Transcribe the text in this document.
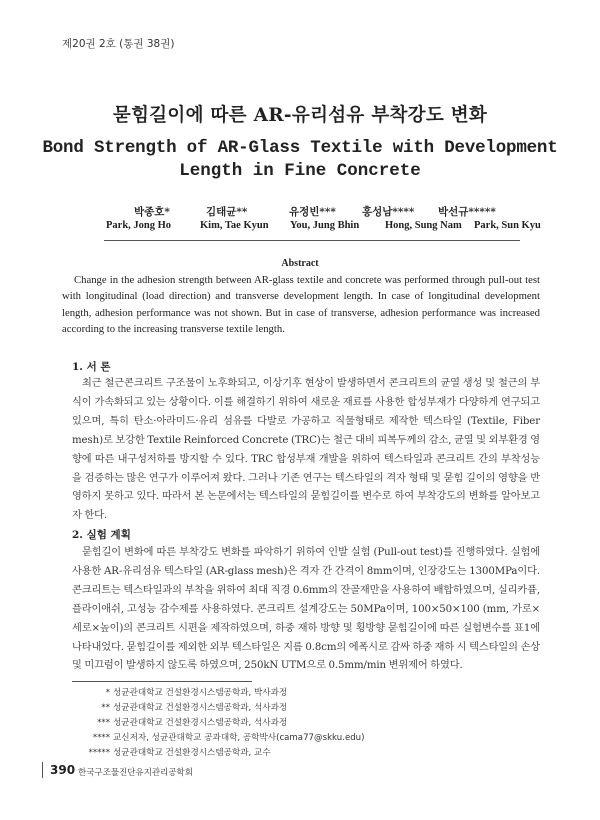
제20권 2호 (통권 38권)
묻힘길이에 따른 AR-유리섬유 부착강도 변화
Bond Strength of AR-Glass Textile with Development
Length in Fine Concrete
박종호*	김태균**	유정빈*** 홍성남**** 박선규*****
Park, Jong Ho	Kim, Tae Kyun You, Jung Bhin Hong, Sung Nam Park, Sun Kyu
Abstract
Change in the adhesion strength between AR-glass textile and concrete was performed through pull-out test with longitudinal (load direction) and transverse development length. In case of longitudinal development length, adhesion performance was not shown. But in case of transverse, adhesion performance was increased according to the increasing transverse textile length.
1. 서 론
최근 철근콘크리트 구조물이 노후화되고, 이상기후 현상이 발생하면서 콘크리트의 균열 생성 및 철근의 부식이 가속화되고 있는 상황이다. 이를 해결하기 위하여 새로운 재료를 사용한 합성부재가 다양하게 연구되고 있으며, 특히 탄소·아라미드·유리 섬유를 다발로 가공하고 직물형태로 제작한 텍스타일 (Textile, Fiber mesh)로 보강한 Textile Reinforced Concrete (TRC)는 철근 대비 피복두께의 감소, 균열 및 외부환경 영향에 따른 내구성저하를 방지할 수 있다. TRC 합성부재 개발을 위하여 텍스타일과 콘크리트 간의 부착성능을 검증하는 많은 연구가 이루어져 왔다. 그러나 기존 연구는 텍스타일의 격자 형태 및 묻힘 길이의 영향을 반영하지 못하고 있다. 따라서 본 논문에서는 텍스타일의 묻힘길이를 변수로 하여 부착강도의 변화를 알아보고자 한다.
2. 실험 계획
묻힘길이 변화에 따른 부착강도 변화를 파악하기 위하여 인발 실험 (Pull-out test)를 진행하였다. 실험에 사용한 AR-유리섬유 텍스타일 (AR-glass mesh)은 격자 간 간격이 8mm이며, 인장강도는 1300MPa이다. 콘크리트는 텍스타일과의 부착을 위하여 최대 직경 0.6mm의 잔골재만을 사용하여 배합하였으며, 실리카퓸, 플라이애쉬, 고성능 감수제를 사용하였다. 콘크리트 설계강도는 50MPa이며, 100×50×100 (mm, 가로×세로×높이)의 콘크리트 시편을 제작하였으며, 하중 재하 방향 및 횡방향 묻힘길이에 따른 실험변수를 표1에 나타내었다. 묻힘길이를 제외한 외부 텍스타일은 지름 0.8cm의 에폭시로 감싸 하중 재하 시 텍스타일의 손상 및 미끄럼이 발생하지 않도록 하였으며, 250kN UTM으로 0.5mm/min 변위제어 하였다.
* 성균관대학교 건설환경시스템공학과, 박사과정
** 성균관대학교 건설환경시스템공학과, 석사과정
*** 성균관대학교 건설환경시스템공학과, 석사과정
**** 교신저자, 성균관대학교 공과대학, 공학박사(cama77@skku.edu)
***** 성균관대학교 건설환경시스템공학과, 교수
390 한국구조물진단유지관리공학회
